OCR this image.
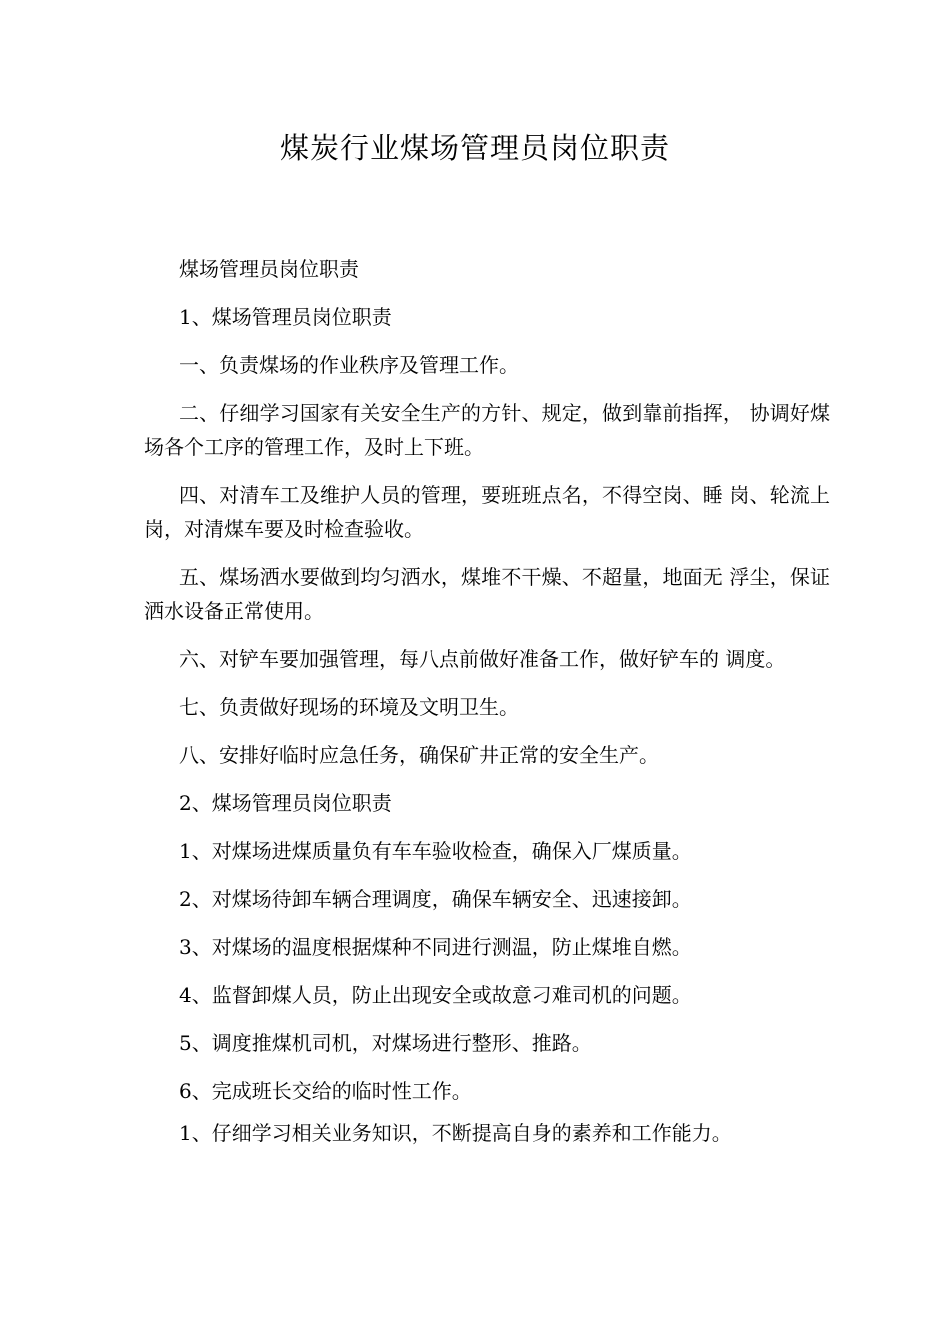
煤炭行业煤场管理员岗位职责

煤场管理员岗位职责

1、煤场管理员岗位职责

一、负责煤场的作业秩序及管理工作。

二、仔细学习国家有关安全生产的方针、规定，做到靠前指挥， 协调好煤场各个工序的管理工作，及时上下班。

四、对清车工及维护人员的管理，要班班点名，不得空岗、睡 岗、轮流上岗，对清煤车要及时检查验收。

五、煤场洒水要做到均匀洒水，煤堆不干燥、不超量，地面无 浮尘，保证洒水设备正常使用。

六、对铲车要加强管理，每八点前做好准备工作，做好铲车的 调度。

七、负责做好现场的环境及文明卫生。

八、安排好临时应急任务，确保矿井正常的安全生产。

2、煤场管理员岗位职责

1、对煤场进煤质量负有车车验收检查，确保入厂煤质量。

2、对煤场待卸车辆合理调度，确保车辆安全、迅速接卸。

3、对煤场的温度根据煤种不同进行测温，防止煤堆自燃。

4、监督卸煤人员，防止出现安全或故意刁难司机的问题。

5、调度推煤机司机，对煤场进行整形、推路。

6、完成班长交给的临时性工作。

1、仔细学习相关业务知识，不断提高自身的素养和工作能力。
